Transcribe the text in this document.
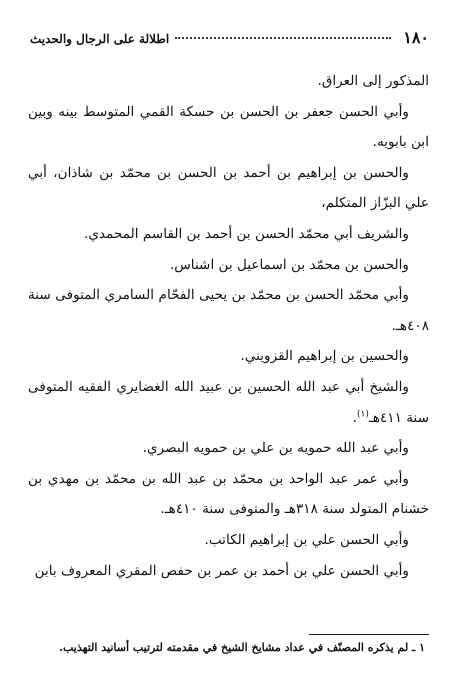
١٨٠
اطلالة على الرجال والحديث

المذكور إلى العراق.

وأبي الحسن جعفر بن الحسن بن حسكة القمي المتوسط بينه وبين ابن بابويه.

والحسن بن إبراهيم بن أحمد بن الحسن بن محمّد بن شاذان، أبي علي البزّاز المتكلم،

والشريف أبي محمّد الحسن بن أحمد بن القاسم المحمدي.

والحسن بن محمّد بن اسماعيل بن اشناس.

وأبي محمّد الحسن بن محمّد بن يحيى الفحّام السامري المتوفى سنة ٤٠٨هـ.

والحسين بن إبراهيم القزويني.

والشيخ أبي عبد الله الحسين بن عبيد الله الغضايري الفقيه المتوفى سنة ٤١١هـ$^{(١)}$.

وأبي عبد الله حمويه بن علي بن حمويه البصري.

وأبي عمر عبد الواحد بن محمّد بن عبد الله بن محمّد بن مهدي بن خشنام المتولد سنة ٣١٨هـ والمتوفى سنة ٤١٠هـ.

وأبي الحسن علي بن إبراهيم الكاتب.

وأبي الحسن علي بن أحمد بن عمر بن حفص المقري المعروف بابن

١ ـ لم يذكره المصنّف في عداد مشايخ الشيخ في مقدمته لترتيب أسانيد التهذيب.
